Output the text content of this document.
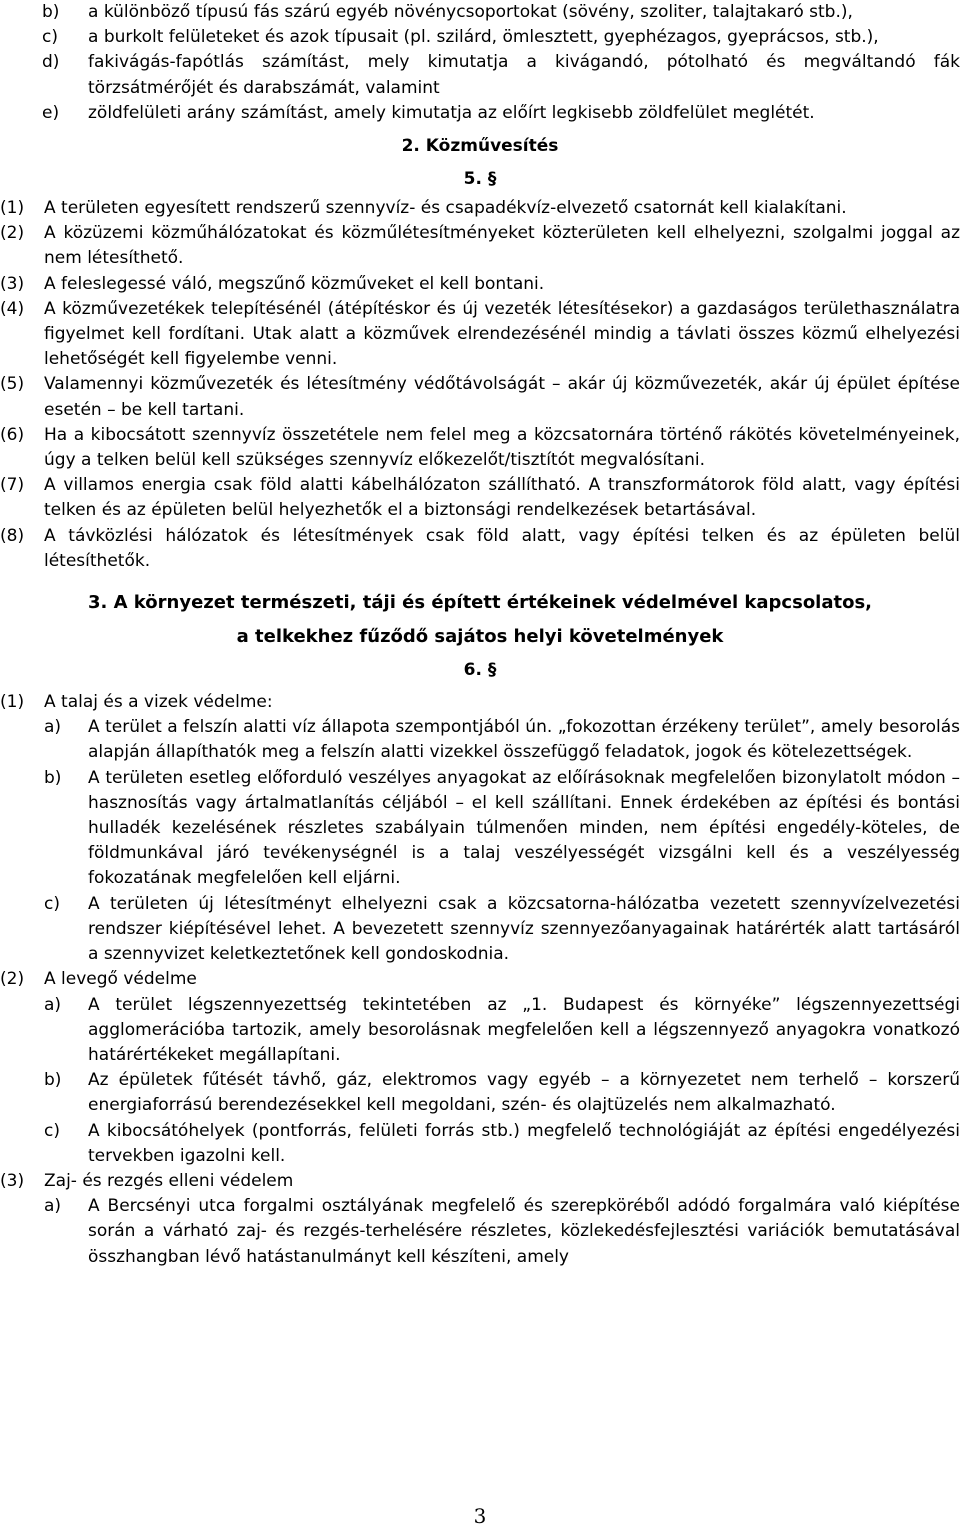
b) a különböző típusú fás szárú egyéb növénycsoportokat (sövény, szoliter, talajtakaró stb.),
c) a burkolt felületeket és azok típusait (pl. szilárd, ömlesztett, gyephézagos, gyeprácsos, stb.),
d) fakivágás-fapótlás számítást, mely kimutatja a kivágandó, pótolható és megváltandó fák törzsátmérőjét és darabszámát, valamint
e) zöldfelületi arány számítást, amely kimutatja az előírt legkisebb zöldfelület meglétét.
2. Közművesítés
5. §
(1) A területen egyesített rendszerű szennyvíz- és csapadékvíz-elvezető csatornát kell kialakítani.
(2) A közüzemi közműhálózatokat és közműlétesítményeket közterületen kell elhelyezni, szolgalmi joggal az nem létesíthető.
(3) A feleslegessé váló, megszűnő közműveket el kell bontani.
(4) A közművezetékek telepítésénél (átépítéskor és új vezeték létesítésekor) a gazdaságos területhasználatra figyelmet kell fordítani. Utak alatt a közművek elrendezésénél mindig a távlati összes közmű elhelyezési lehetőségét kell figyelembe venni.
(5) Valamennyi közművezeték és létesítmény védőtávolságát – akár új közművezeték, akár új épület építése esetén – be kell tartani.
(6) Ha a kibocsátott szennyvíz összetétele nem felel meg a közcsatornára történő rákötés követelményeinek, úgy a telken belül kell szükséges szennyvíz előkezelőt/tisztítót megvalósítani.
(7) A villamos energia csak föld alatti kábelhálózaton szállítható. A transzformátorok föld alatt, vagy építési telken és az épületen belül helyezhetők el a biztonsági rendelkezések betartásával.
(8) A távközlési hálózatok és létesítmények csak föld alatt, vagy építési telken és az épületen belül létesíthetők.
3. A környezet természeti, táji és épített értékeinek védelmével kapcsolatos,
a telkekhez fűződő sajátos helyi követelmények
6. §
(1) A talaj és a vizek védelme:
a) A terület a felszín alatti víz állapota szempontjából ún. „fokozottan érzékeny terület”, amely besorolás alapján állapíthatók meg a felszín alatti vizekkel összefüggő feladatok, jogok és kötelezettségek.
b) A területen esetleg előforduló veszélyes anyagokat az előírásoknak megfelelően bizonylatolt módon – hasznosítás vagy ártalmatlanítás céljából – el kell szállítani. Ennek érdekében az építési és bontási hulladék kezelésének részletes szabályain túlmenően minden, nem építési engedély-köteles, de földmunkával járó tevékenységnél is a talaj veszélyességét vizsgálni kell és a veszélyesség fokozatának megfelelően kell eljárni.
c) A területen új létesítményt elhelyezni csak a közcsatorna-hálózatba vezetett szennyvízelvezetési rendszer kiépítésével lehet. A bevezetett szennyvíz szennyezőanyagainak határérték alatt tartásáról a szennyvizet keletkeztetőnek kell gondoskodnia.
(2) A levegő védelme
a) A terület légszennyezettség tekintetében az „1. Budapest és környéke” légszennyezettségi agglomerációba tartozik, amely besorolásnak megfelelően kell a légszennyező anyagokra vonatkozó határértékeket megállapítani.
b) Az épületek fűtését távhő, gáz, elektromos vagy egyéb – a környezetet nem terhelő – korszerű energiaforrású berendezésekkel kell megoldani, szén- és olajtüzelés nem alkalmazható.
c) A kibocsátóhelyek (pontforrás, felületi forrás stb.) megfelelő technológiáját az építési engedélyezési tervekben igazolni kell.
(3) Zaj- és rezgés elleni védelem
a) A Bercsényi utca forgalmi osztályának megfelelő és szerepköréből adódó forgalmára való kiépítése során a várható zaj- és rezgés-terhelésére részletes, közlekedésfejlesztési variációk bemutatásával összhangban lévő hatástanulmányt kell készíteni, amely
3
